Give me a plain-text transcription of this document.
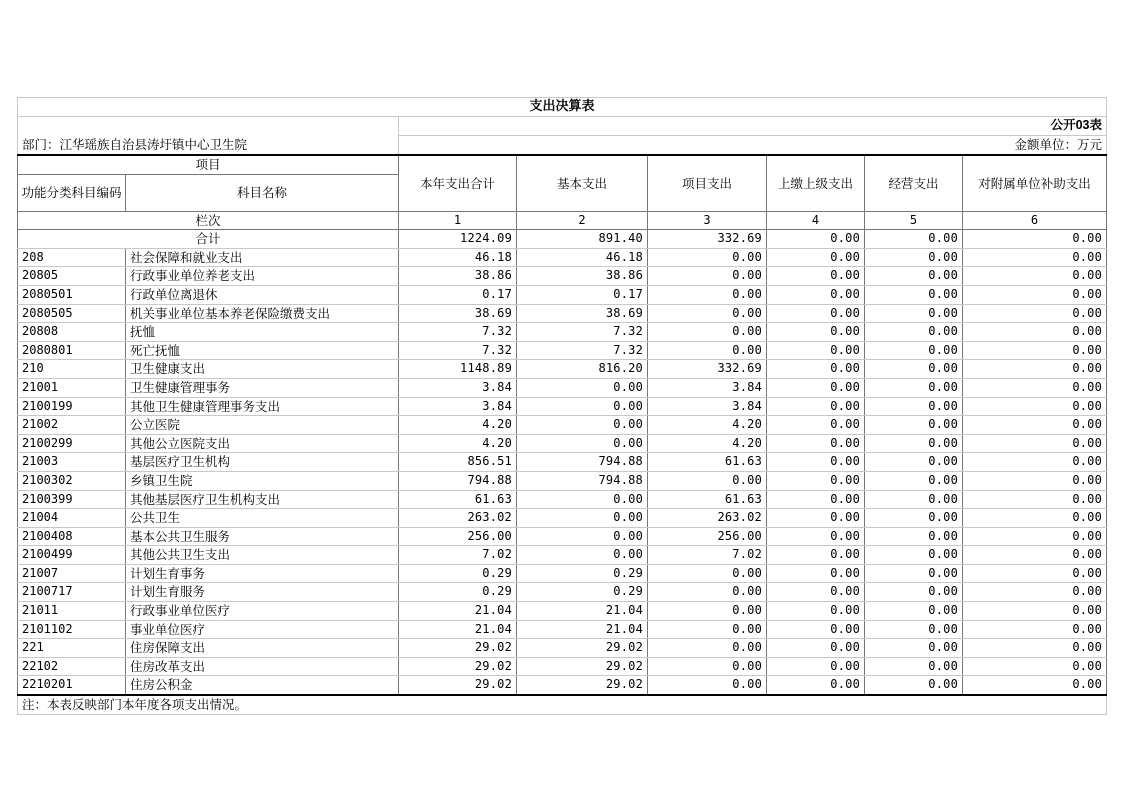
支出决算表							
		公开03表					
部门：江华瑶族自治县涛圩镇中心卫生院		金额单位：万元					
项目		本年支出合计	基本支出	项目支出	上缴上级支出	经营支出	对附属单位补助支出
功能分类科目编码	科目名称						
栏次		1	2	3	4	5	6
合计		1224.09	891.40	332.69	0.00	0.00	0.00
208	社会保障和就业支出	46.18	46.18	0.00	0.00	0.00	0.00
20805	行政事业单位养老支出	38.86	38.86	0.00	0.00	0.00	0.00
2080501	行政单位离退休	0.17	0.17	0.00	0.00	0.00	0.00
2080505	机关事业单位基本养老保险缴费支出	38.69	38.69	0.00	0.00	0.00	0.00
20808	抚恤	7.32	7.32	0.00	0.00	0.00	0.00
2080801	死亡抚恤	7.32	7.32	0.00	0.00	0.00	0.00
210	卫生健康支出	1148.89	816.20	332.69	0.00	0.00	0.00
21001	卫生健康管理事务	3.84	0.00	3.84	0.00	0.00	0.00
2100199	其他卫生健康管理事务支出	3.84	0.00	3.84	0.00	0.00	0.00
21002	公立医院	4.20	0.00	4.20	0.00	0.00	0.00
2100299	其他公立医院支出	4.20	0.00	4.20	0.00	0.00	0.00
21003	基层医疗卫生机构	856.51	794.88	61.63	0.00	0.00	0.00
2100302	乡镇卫生院	794.88	794.88	0.00	0.00	0.00	0.00
2100399	其他基层医疗卫生机构支出	61.63	0.00	61.63	0.00	0.00	0.00
21004	公共卫生	263.02	0.00	263.02	0.00	0.00	0.00
2100408	基本公共卫生服务	256.00	0.00	256.00	0.00	0.00	0.00
2100499	其他公共卫生支出	7.02	0.00	7.02	0.00	0.00	0.00
21007	计划生育事务	0.29	0.29	0.00	0.00	0.00	0.00
2100717	计划生育服务	0.29	0.29	0.00	0.00	0.00	0.00
21011	行政事业单位医疗	21.04	21.04	0.00	0.00	0.00	0.00
2101102	事业单位医疗	21.04	21.04	0.00	0.00	0.00	0.00
221	住房保障支出	29.02	29.02	0.00	0.00	0.00	0.00
22102	住房改革支出	29.02	29.02	0.00	0.00	0.00	0.00
2210201	住房公积金	29.02	29.02	0.00	0.00	0.00	0.00
注：本表反映部门本年度各项支出情况。							
